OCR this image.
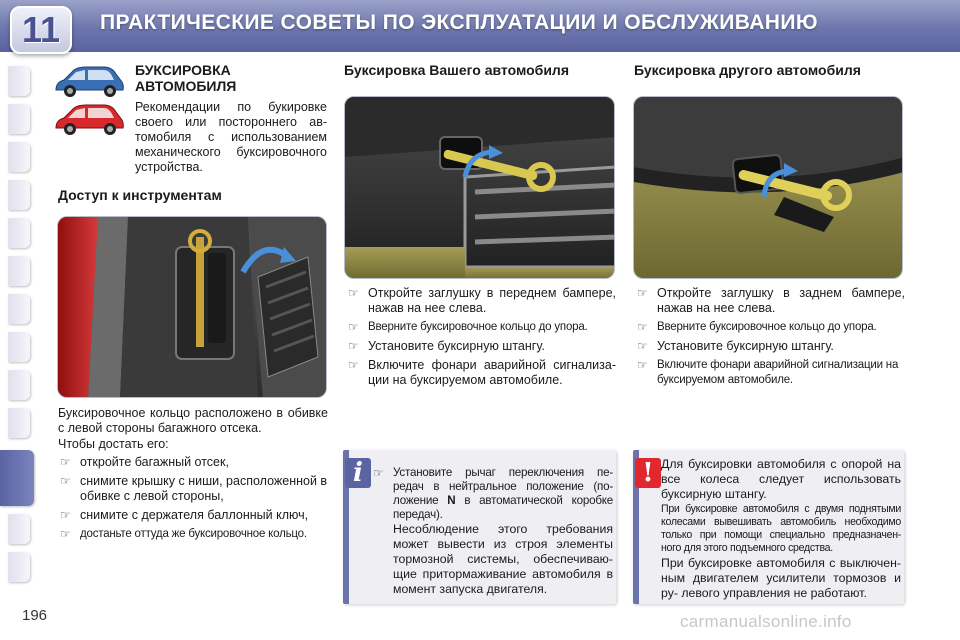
ПРАКТИЧЕСКИЕ СОВЕТЫ ПО ЭКСПЛУАТАЦИИ И ОБСЛУЖИВАНИЮ
11
БУКСИРОВКА
АВТОМОБИЛЯ
Рекомендации по букировке
своего или постороннего ав-
томобиля с использованием
механического буксировочного
устройства.
Доступ к инструментам
Буксировочное кольцо расположено в обивке
с левой стороны багажного отсека.
Чтобы достать его:
☞ откройте багажный отсек,
☞ снимите крышку с ниши, расположенной в обивке с левой стороны,
☞ снимите с держателя баллонный ключ,
☞ достаньте оттуда же буксировочное кольцо.
Буксировка Вашего автомобиля
☞ Откройте заглушку в переднем бампере, нажав на нее слева.
☞ Вверните буксировочное кольцо до упора.
☞ Установите буксирную штангу.
☞ Включите фонари аварийной сигнализа- ции на буксируемом автомобиле.
Буксировка другого автомобиля
☞ Откройте заглушку в заднем бампере, нажав на нее слева.
☞ Вверните буксировочное кольцо до упора.
☞ Установите буксирную штангу.
☞ Включите фонари аварийной сигнализации на буксируемом автомобиле.
i ☞ Установите рычаг переключения пе- редач в нейтральное положение (по- ложение N в автоматической коробке передач).
Несоблюдение этого требования может вывести из строя элементы тормозной системы, обеспечиваю- щие притормаживание автомобиля в момент запуска двигателя.
! Для буксировки автомобиля с опорой на все колеса следует использовать буксирную штангу.
При буксировке автомобиля с двумя поднятыми колесами вывешивать автомобиль необходимо только при помощи специально предназначен- ного для этого подъемного средства.
При буксировке автомобиля с выключен- ным двигателем усилители тормозов и ру- левого управления не работают.
196	carmanualsonline.info
